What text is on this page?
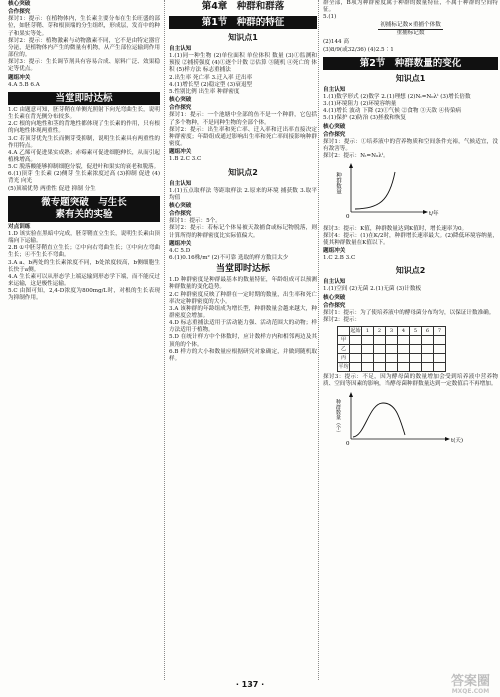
核心突破

合作探究

探讨1：提示：在植物体内，生长素主要分布在生长旺盛的部位，如胚芽鞘、芽和根顶端的分生组织，形成层，发育中的种子和果实等处。

探讨2：提示：植物激素与动物激素不同，它不是由特定器官分泌，是植物体内产生的微量有机物，从产生部位运输到作用部位的。

探讨3：提示：生长调节剂具有容易合成、原料广泛、效果稳定等优点。

题组冲关

4.A 5.B 6.A

当堂即时达标

1.C 由题意可知，胚芽鞘在单侧光照射下向光弯曲生长，说明生长素在背光侧分布较多。

2.C 根的向地性和茎的背地性都体现了生长素的作用，只有根的向地性体现两重性。

3.C 若顶芽优先生长而侧芽受抑制，说明生长素具有两重性的作用特点。

4.A 乙烯可促进果实成熟；赤霉素可促进细胞伸长，从而引起植株增高。

5.C 脱落酸能够抑制细胞分裂，促进叶和果实的衰老和脱落。

6.(1)顶芽 生长素 (2)侧芽 生长素浓度过高 (3)抑制 促进 (4)背光 向光

(5)顶端优势 两重性 促进 抑制 分生

微专题突破　与生长
素有关的实验

对点训练

1.D 该实验在黑暗中完成，胚芽鞘直立生长，说明生长素由顶端向下运输。

2.B ①中胚芽鞘直立生长；②中向右弯曲生长；③中向左弯曲生长；④不生长不弯曲。

3.A a、b两处的生长素浓度不同，b处浓度较高，b侧细胞生长快于a侧。

4.A 生长素可以从形态学上端运输到形态学下端，而不能反过来运输，这是极性运输。

5.C 由图可知，2,4-D浓度为800mg/L时，对根的生长表现为抑制作用。

第4章　种群和群落
第1节　种群的特征
知识点1

自主认知

1.(1)同一种生物 (2)单位面积 单位体积 数量 (3)①监测和预报 ②捕捞强度 (4)①逐个计数 ②估算 ③随机 ④死亡的 体积 (5)样方法 标志重捕法

2.出生率 死亡率 3.迁入率 迁出率

4.(1)增长型 (2)稳定型 (3)衰退型

5.性别比例 出生率 种群密度

核心突破

合作探究

探讨1：提示：一个池塘中全部的鱼不是一个种群，它包括了多个物种，不是同种生物的全部个体。

探讨2：提示：出生率和死亡率、迁入率和迁出率直接决定种群密度；年龄组成通过影响出生率和死亡率间接影响种群密度。

题组冲关

1.B 2.C 3.C

知识点2

自主认知

1.(1)五点取样法 等距取样法 2.原来的环境 捕获数 3.取平均值

核心突破

合作探究

探讨1：提示：5个。

探讨2：提示：若标记个体易被天敌捕食或标记物脱落，则计算所得的种群密度比实际值偏大。

题组冲关

4.C 5.D

6.(1)0.16株/m² (2)不可靠 选取的样方数目太少

当堂即时达标

1.D 种群密度是种群最基本的数量特征，年龄组成可以预测种群数量的变化趋势。

2.C 种群密度反映了种群在一定时期的数量，出生率和死亡率决定种群密度的大小。

3.A 该种群的年龄组成为增长型，种群数量会越来越大，种群密度会增加。

4.D 标志重捕法适用于活动能力强、活动范围大的动物；样方法适用于植物。

5.D 在统计样方中个体数时，应计数样方内和相邻两边及其顶角的个体。

6.B 样方的大小和数量应根据研究对象确定，并做到随机取样。

群全部，B项为种群密度属于种群的数量特征，不属于种群的空间特征。

5.(1)

$\frac{\text{初捕标记数×重捕个体数}}{\text{重捕标记数}}$

(2)144 高

(3)8/9(或32/36) (4)2.5∶1

第2节　种群数量的变化
知识点1

自主认知

1.(1)数学形式 (2)数学 2.(1)理想 (2)Nₜ=N₀λᵗ (3)增长倍数

3.(1)环境阻力 (2)环境容纳量

4.(1)增长 波动 下降 (2)①气候 ②食物 ③天敌 ④传染病

5.(1)保护 (2)防治 (3)拯救和恢复

核心突破

合作探究

探讨1：提示：①培养液中的营养物质和空间条件充裕，气候适宜，没有敌害等。

探讨2：提示：Nₜ=N₀λᵗ。

种群数量
t/年
0

探讨3：提示：K值，种群数量达到K值时，增长速率为0。

探讨4：提示：(1)在K/2时，种群增长速率最大。(2)降低环境容纳量，使其种群数量在K值以下。

题组冲关

1.C 2.B 3.C

知识点2

自主认知

1.(1)空间 (2)无菌 2.(1)无菌 (3)计数板

核心突破

合作探究

探讨1：提示：为了使培养液中的酵母菌分布均匀，以保证计数准确。

探讨2：提示：

	起始	1	2	3	4	5	6	7
甲								
乙								
丙								
平均								

探讨3：提示：不足，因为酵母菌的数量增加会受到培养液中营养物质、空间等因素的影响，当酵母菌种群数量达到一定数值后不再增加。

种群数量（个）
t(天)
0
· 137 ·	答案圈
MXQE.COM
